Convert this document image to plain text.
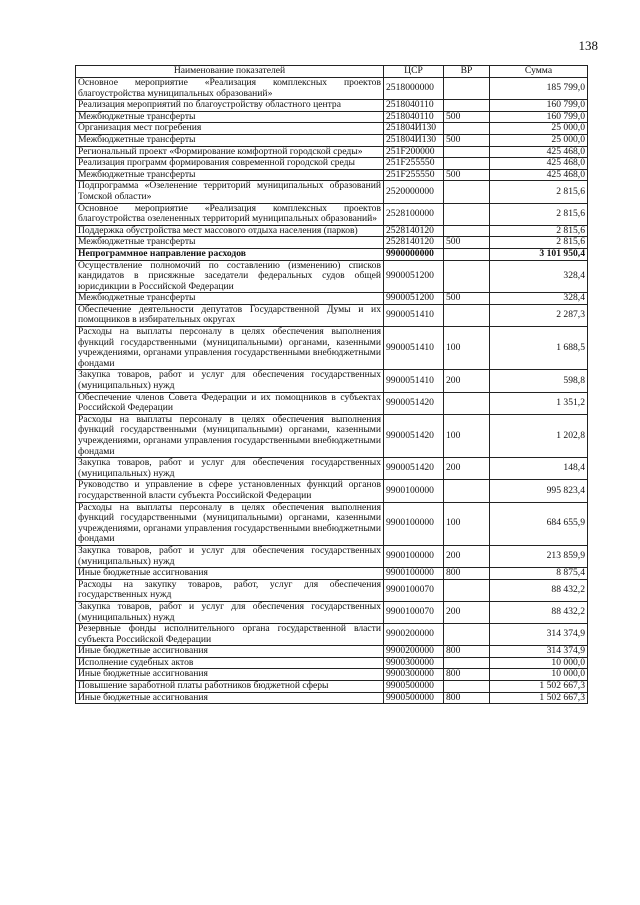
138
Наименование показателей	ЦСР	ВР	Сумма
Основное мероприятие «Реализация комплексных проектов благоустройства муниципальных образований»	2518000000		185 799,0
Реализация мероприятий по благоустройству областного центра	2518040110		160 799,0
Межбюджетные трансферты	2518040110	500	160 799,0
Организация мест погребения	251804И130		25 000,0
Межбюджетные трансферты	251804И130	500	25 000,0
Региональный проект «Формирование комфортной городской среды»	251F200000		425 468,0
Реализация программ формирования современной городской среды	251F255550		425 468,0
Межбюджетные трансферты	251F255550	500	425 468,0
Подпрограмма «Озеленение территорий муниципальных образований Томской области»	2520000000		2 815,6
Основное мероприятие «Реализация комплексных проектов благоустройства озелененных территорий муниципальных образований»	2528100000		2 815,6
Поддержка обустройства мест массового отдыха населения (парков)	2528140120		2 815,6
Межбюджетные трансферты	2528140120	500	2 815,6
Непрограммное направление расходов	9900000000		3 101 950,4
Осуществление полномочий по составлению (изменению) списков кандидатов в присяжные заседатели федеральных судов общей юрисдикции в Российской Федерации	9900051200		328,4
Межбюджетные трансферты	9900051200	500	328,4
Обеспечение деятельности депутатов Государственной Думы и их помощников в избирательных округах	9900051410		2 287,3
Расходы на выплаты персоналу в целях обеспечения выполнения функций государственными (муниципальными) органами, казенными учреждениями, органами управления государственными внебюджетными фондами	9900051410	100	1 688,5
Закупка товаров, работ и услуг для обеспечения государственных (муниципальных) нужд	9900051410	200	598,8
Обеспечение членов Совета Федерации и их помощников в субъектах Российской Федерации	9900051420		1 351,2
Расходы на выплаты персоналу в целях обеспечения выполнения функций государственными (муниципальными) органами, казенными учреждениями, органами управления государственными внебюджетными фондами	9900051420	100	1 202,8
Закупка товаров, работ и услуг для обеспечения государственных (муниципальных) нужд	9900051420	200	148,4
Руководство и управление в сфере установленных функций органов государственной власти субъекта Российской Федерации	9900100000		995 823,4
Расходы на выплаты персоналу в целях обеспечения выполнения функций государственными (муниципальными) органами, казенными учреждениями, органами управления государственными внебюджетными фондами	9900100000	100	684 655,9
Закупка товаров, работ и услуг для обеспечения государственных (муниципальных) нужд	9900100000	200	213 859,9
Иные бюджетные ассигнования	9900100000	800	8 875,4
Расходы на закупку товаров, работ, услуг для обеспечения государственных нужд	9900100070		88 432,2
Закупка товаров, работ и услуг для обеспечения государственных (муниципальных) нужд	9900100070	200	88 432,2
Резервные фонды исполнительного органа государственной власти субъекта Российской Федерации	9900200000		314 374,9
Иные бюджетные ассигнования	9900200000	800	314 374,9
Исполнение судебных актов	9900300000		10 000,0
Иные бюджетные ассигнования	9900300000	800	10 000,0
Повышение заработной платы работников бюджетной сферы	9900500000		1 502 667,3
Иные бюджетные ассигнования	9900500000	800	1 502 667,3
